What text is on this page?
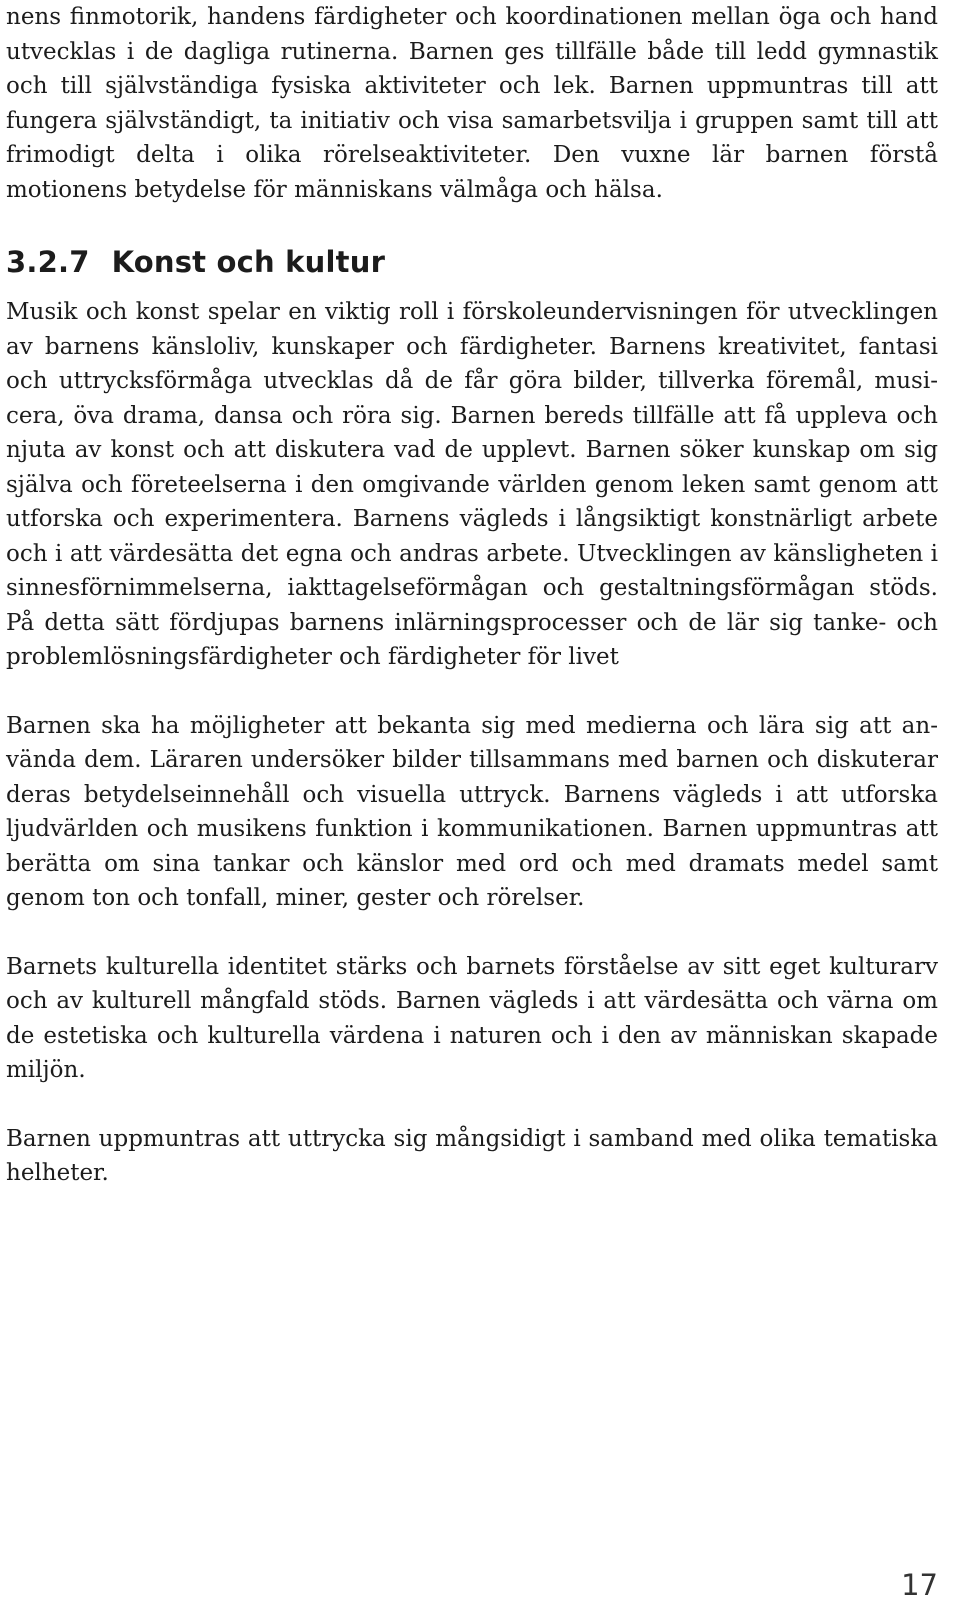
nens finmotorik, handens färdigheter och koordinationen mellan öga och hand utvecklas i de dagliga rutinerna. Barnen ges tillfälle både till ledd gymnastik och till självständiga fysiska aktiviteter och lek. Barnen uppmuntras till att fungera självständigt, ta initiativ och visa samarbetsvilja i gruppen samt till att frimodigt delta i olika rörelseaktiviteter. Den vuxne lär barnen förstå motionens betydelse för människans välmåga och hälsa.

3.2.7 Konst och kultur

Musik och konst spelar en viktig roll i förskoleundervisningen för utvecklingen av barnens känsloliv, kunskaper och färdigheter. Barnens kreativitet, fantasi och uttrycksförmåga utvecklas då de får göra bilder, tillverka föremål, musicera, öva drama, dansa och röra sig. Barnen bereds tillfälle att få uppleva och njuta av konst och att diskutera vad de upplevt. Barnen söker kunskap om sig själva och företeelserna i den omgivande världen genom leken samt genom att utforska och experimentera. Barnens vägleds i långsiktigt konstnärligt arbete och i att värdesätta det egna och andras arbete. Utvecklingen av känsligheten i sinnesförnimmelserna, iakttagelseförmågan och gestaltningsförmågan stöds. På detta sätt fördjupas barnens inlärningsprocesser och de lär sig tanke- och problemlösningsfärdigheter och färdigheter för livet

Barnen ska ha möjligheter att bekanta sig med medierna och lära sig att använda dem. Läraren undersöker bilder tillsammans med barnen och diskuterar deras betydelseinnehåll och visuella uttryck. Barnens vägleds i att utforska ljudvärlden och musikens funktion i kommunikationen. Barnen uppmuntras att berätta om sina tankar och känslor med ord och med dramats medel samt genom ton och tonfall, miner, gester och rörelser.

Barnets kulturella identitet stärks och barnets förståelse av sitt eget kulturarv och av kulturell mångfald stöds. Barnen vägleds i att värdesätta och värna om de estetiska och kulturella värdena i naturen och i den av människan skapade miljön.

Barnen uppmuntras att uttrycka sig mångsidigt i samband med olika tematiska helheter.

17
